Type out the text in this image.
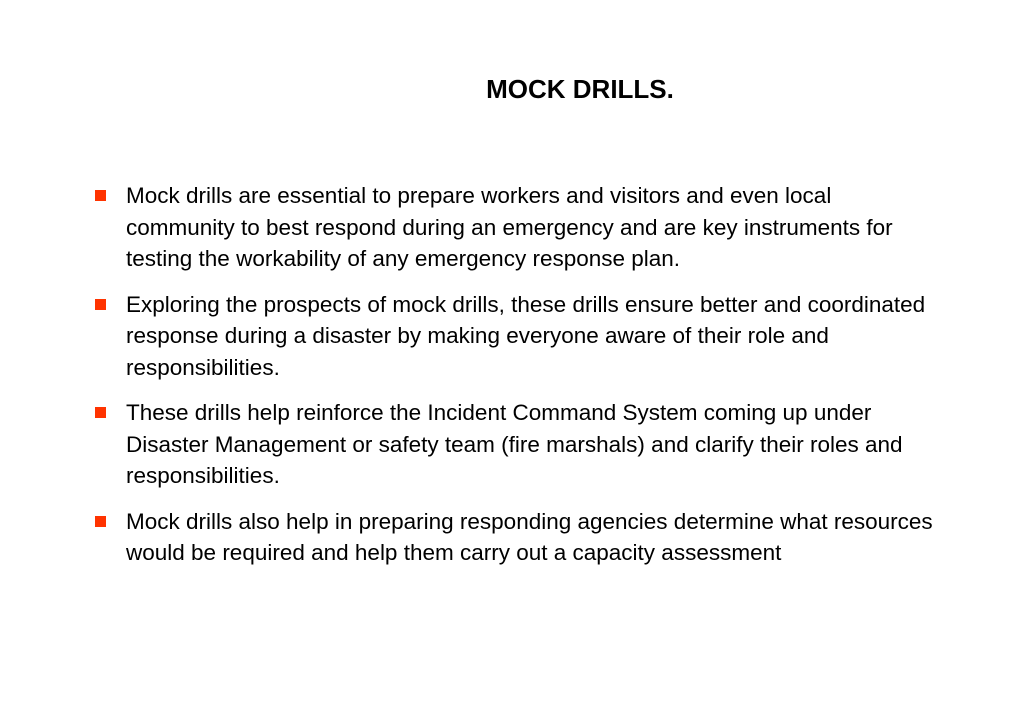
MOCK DRILLS.
Mock drills are essential to prepare workers and visitors and even local community to best respond during an emergency and are key instruments for testing the workability of any emergency response plan.
Exploring the prospects of mock drills, these drills ensure better and coordinated response during a disaster by making everyone aware of their role and responsibilities.
These drills help reinforce the Incident Command System coming up under Disaster Management or safety team (fire marshals) and clarify their roles and responsibilities.
Mock drills also help in preparing responding agencies determine what resources would be required and help them carry out a capacity assessment
